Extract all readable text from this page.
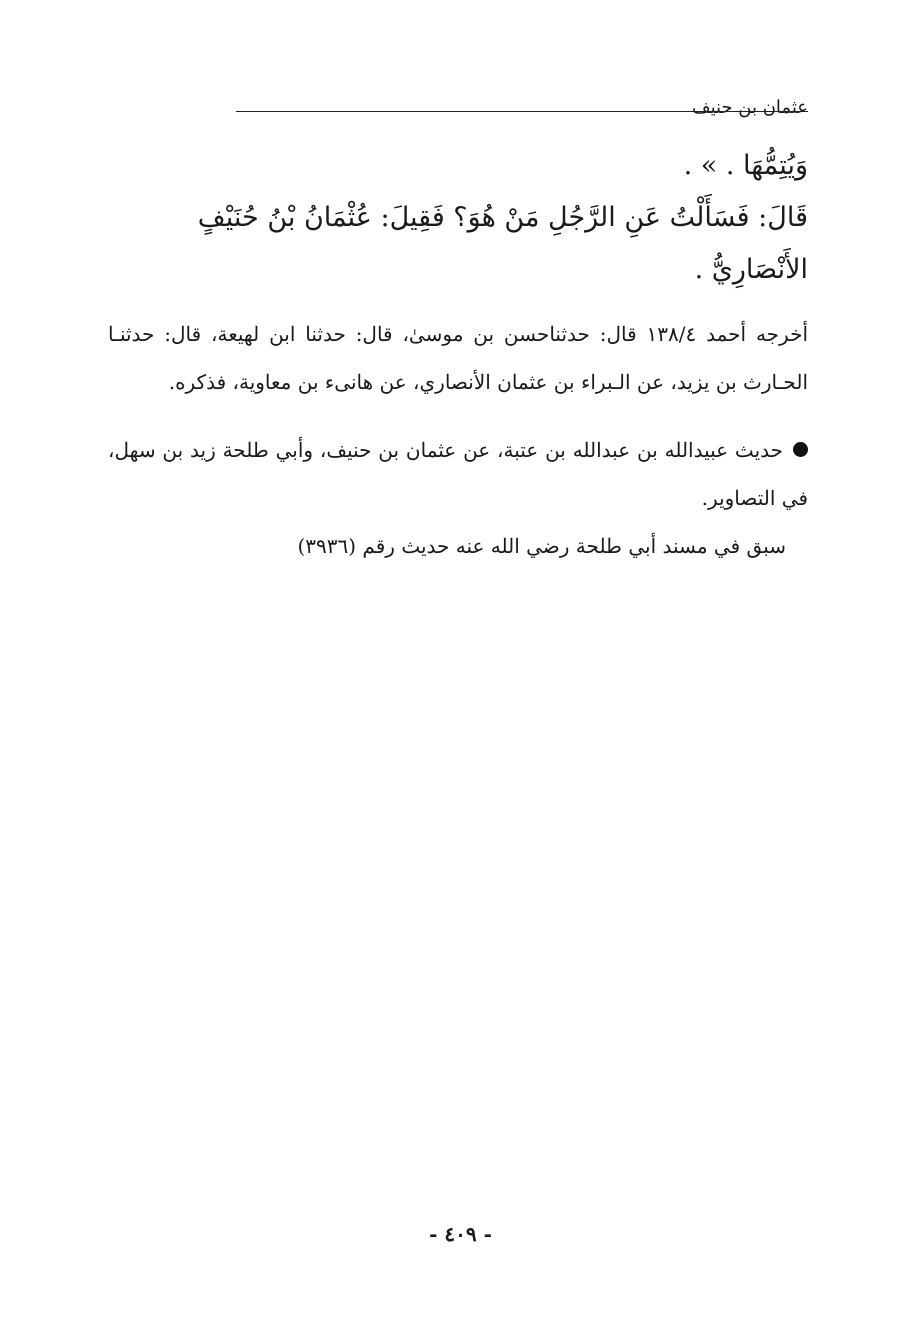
عثمان بن حنيف

وَيُتِمُّهَا . » .

قَالَ: فَسَأَلْتُ عَنِ الرَّجُلِ مَنْ هُوَ؟ فَقِيلَ: عُثْمَانُ بْنُ حُنَيْفٍ الأَنْصَارِيُّ .

أخرجه أحمد ١٣٨/٤ قال: حدثناحسن بن موسىٰ، قال: حدثنا ابن لهيعة، قال: حدثنـا الحـارث بن يزيد، عن الـبراء بن عثمان الأنصاري، عن هانىء بن معاوية، فذكره.

حديث عبيدالله بن عبدالله بن عتبة، عن عثمان بن حنيف، وأبي طلحة زيد بن سهل، في التصاوير.

سبق في مسند أبي طلحة رضي الله عنه حديث رقم (٣٩٣٦)

- ٤٠٩ -
